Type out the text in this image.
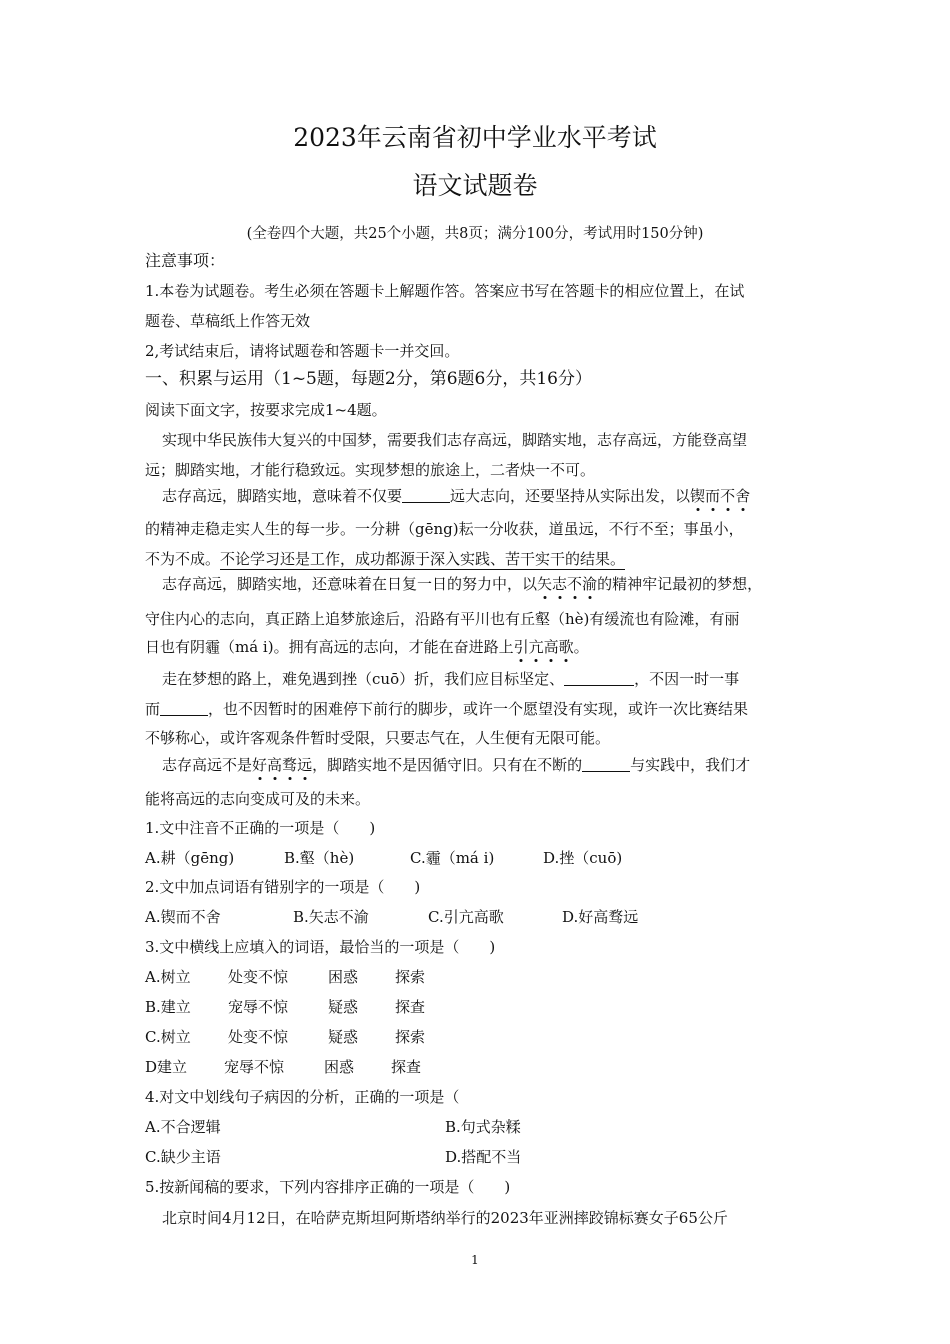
2023年云南省初中学业水平考试
语文试题卷
(全卷四个大题，共25个小题，共8页；满分100分，考试用时150分钟)
注意事项：
1.本卷为试题卷。考生必须在答题卡上解题作答。答案应书写在答题卡的相应位置上，在试
题卷、草稿纸上作答无效
2,考试结束后，请将试题卷和答题卡一并交回。
一、积累与运用（1~5题，每题2分，第6题6分，共16分）
阅读下面文字，按要求完成1~4题。
实现中华民族伟大复兴的中国梦，需要我们志存高远，脚踏实地，志存高远，方能登高望
远；脚踏实地，才能行稳致远。实现梦想的旅途上，二者炔一不可。
志存高远，脚踏实地，意味着不仅要	远大志向，还要坚持从实际出发，以锲而不舍
的精神走稳走实人生的每一步。一分耕（gēng)耘一分收获，道虽远，不行不至；事虽小，
不为不成。不论学习还是工作，成功都源于深入实践、苦干实干的结果。
志存高远，脚踏实地，还意味着在日复一日的努力中，以矢志不渝的精神牢记最初的梦想，
守住内心的志向，真正踏上追梦旅途后，沿路有平川也有丘壑（hè)有缓流也有险滩，有丽
日也有阴霾（má i)。拥有高远的志向，才能在奋进路上引亢高歌。
走在梦想的路上，难免遇到挫（cuō）折，我们应目标坚定、	，不因一时一事
而	，也不因暂时的困难停下前行的脚步，或许一个愿望没有实现，或许一次比赛结果
不够称心，或许客观条件暂时受限，只要志气在，人生便有无限可能。
志存高远不是好高骛远，脚踏实地不是因循守旧。只有在不断的	与实践中，我们才
能将高远的志向变成可及的未来。
1.文中注音不正确的一项是（　　)
A.耕（gēng)	B.壑（hè)	C.霾（má i)	D.挫（cuō)
2.文中加点词语有错别字的一项是（　　)
A.锲而不舍	B.矢志不渝	C.引亢高歌	D.好高骛远
3.文中横线上应填入的词语，最恰当的一项是（　　)
A.树立 处变不惊	困惑 探索
B.建立 宠辱不惊	疑惑 探查
C.树立 处变不惊	疑惑 探索
D建立 宠辱不惊	困惑 探查
4.对文中划线句子病因的分析，正确的一项是（
A.不合逻辑	B.句式杂糅
C.缺少主语	D.搭配不当
5.按新闻稿的要求，下列内容排序正确的一项是（　　)
北京时间4月12日，在哈萨克斯坦阿斯塔纳举行的2023年亚洲摔跤锦标赛女子65公斤
1
